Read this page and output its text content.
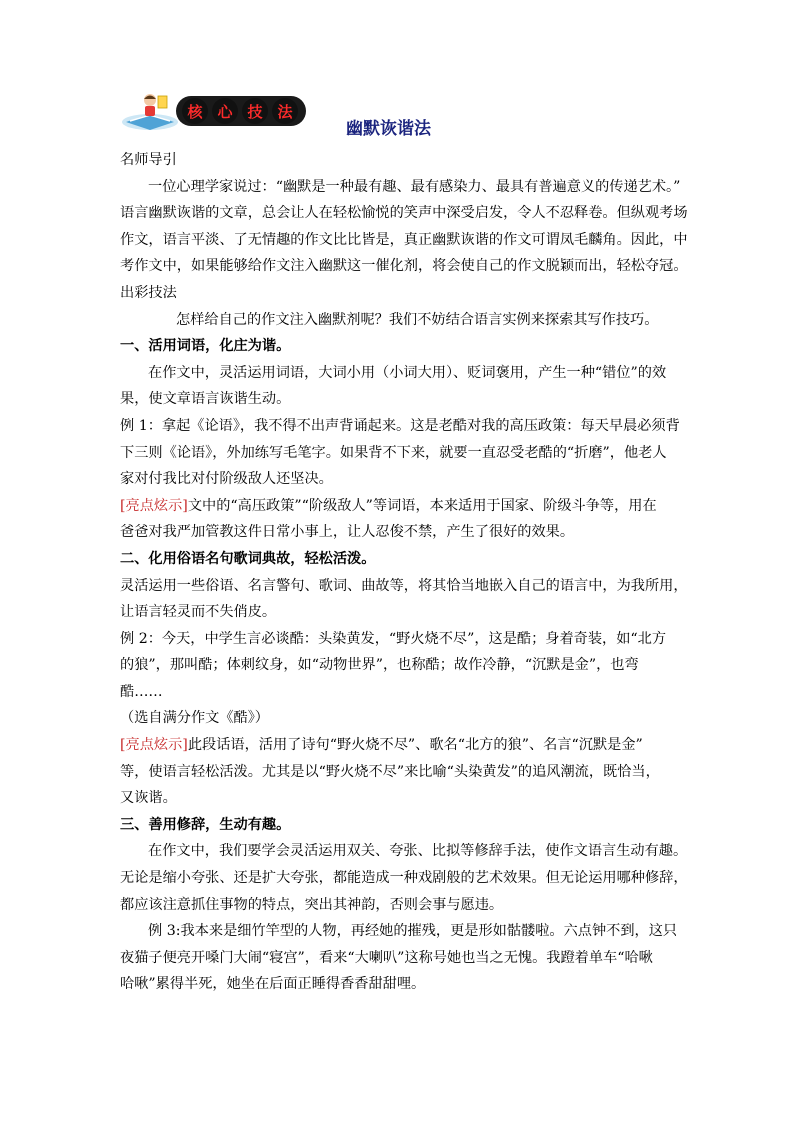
核 心 技 法
幽默诙谐法
名师导引
一位心理学家说过：“幽默是一种最有趣、最有感染力、最具有普遍意义的传递艺术。”
语言幽默诙谐的文章，总会让人在轻松愉悦的笑声中深受启发，令人不忍释卷。但纵观考场
作文，语言平淡、了无情趣的作文比比皆是，真正幽默诙谐的作文可谓凤毛麟角。因此，中
考作文中，如果能够给作文注入幽默这一催化剂，将会使自己的作文脱颖而出，轻松夺冠。
出彩技法
怎样给自己的作文注入幽默剂呢？我们不妨结合语言实例来探索其写作技巧。
一、活用词语，化庄为谐。
在作文中，灵活运用词语，大词小用（小词大用）、贬词褒用，产生一种“错位”的效
果，使文章语言诙谐生动。
例 1：拿起《论语》，我不得不出声背诵起来。这是老酷对我的高压政策：每天早晨必须背
下三则《论语》，外加练写毛笔字。如果背不下来，就要一直忍受老酷的“折磨”，他老人
家对付我比对付阶级敌人还坚决。
[亮点炫示]文中的“高压政策”“阶级敌人”等词语，本来适用于国家、阶级斗争等，用在
爸爸对我严加管教这件日常小事上，让人忍俊不禁，产生了很好的效果。
二、化用俗语名句歌词典故，轻松活泼。
灵活运用一些俗语、名言警句、歌词、曲故等，将其恰当地嵌入自己的语言中，为我所用，
让语言轻灵而不失俏皮。
例 2：今天，中学生言必谈酷：头染黄发，“野火烧不尽”，这是酷；身着奇装，如“北方
的狼”，那叫酷；体刺纹身，如“动物世界”，也称酷；故作冷静，“沉默是金”，也弯
酷……
（选自满分作文《酷》）
[亮点炫示]此段话语，活用了诗句“野火烧不尽”、歌名“北方的狼”、名言“沉默是金”
等，使语言轻松活泼。尤其是以“野火烧不尽”来比喻“头染黄发”的追风潮流，既恰当，
又诙谐。
三、善用修辞，生动有趣。
在作文中，我们要学会灵活运用双关、夸张、比拟等修辞手法，使作文语言生动有趣。
无论是缩小夸张、还是扩大夸张，都能造成一种戏剧般的艺术效果。但无论运用哪种修辞，
都应该注意抓住事物的特点，突出其神韵，否则会事与愿违。
例 3:我本来是细竹竿型的人物，再经她的摧残，更是形如骷髅啦。六点钟不到，这只
夜猫子便亮开嗓门大闹“寝宫”，看来“大喇叭”这称号她也当之无愧。我蹬着单车“哈啾
哈啾”累得半死，她坐在后面正睡得香香甜甜哩。
